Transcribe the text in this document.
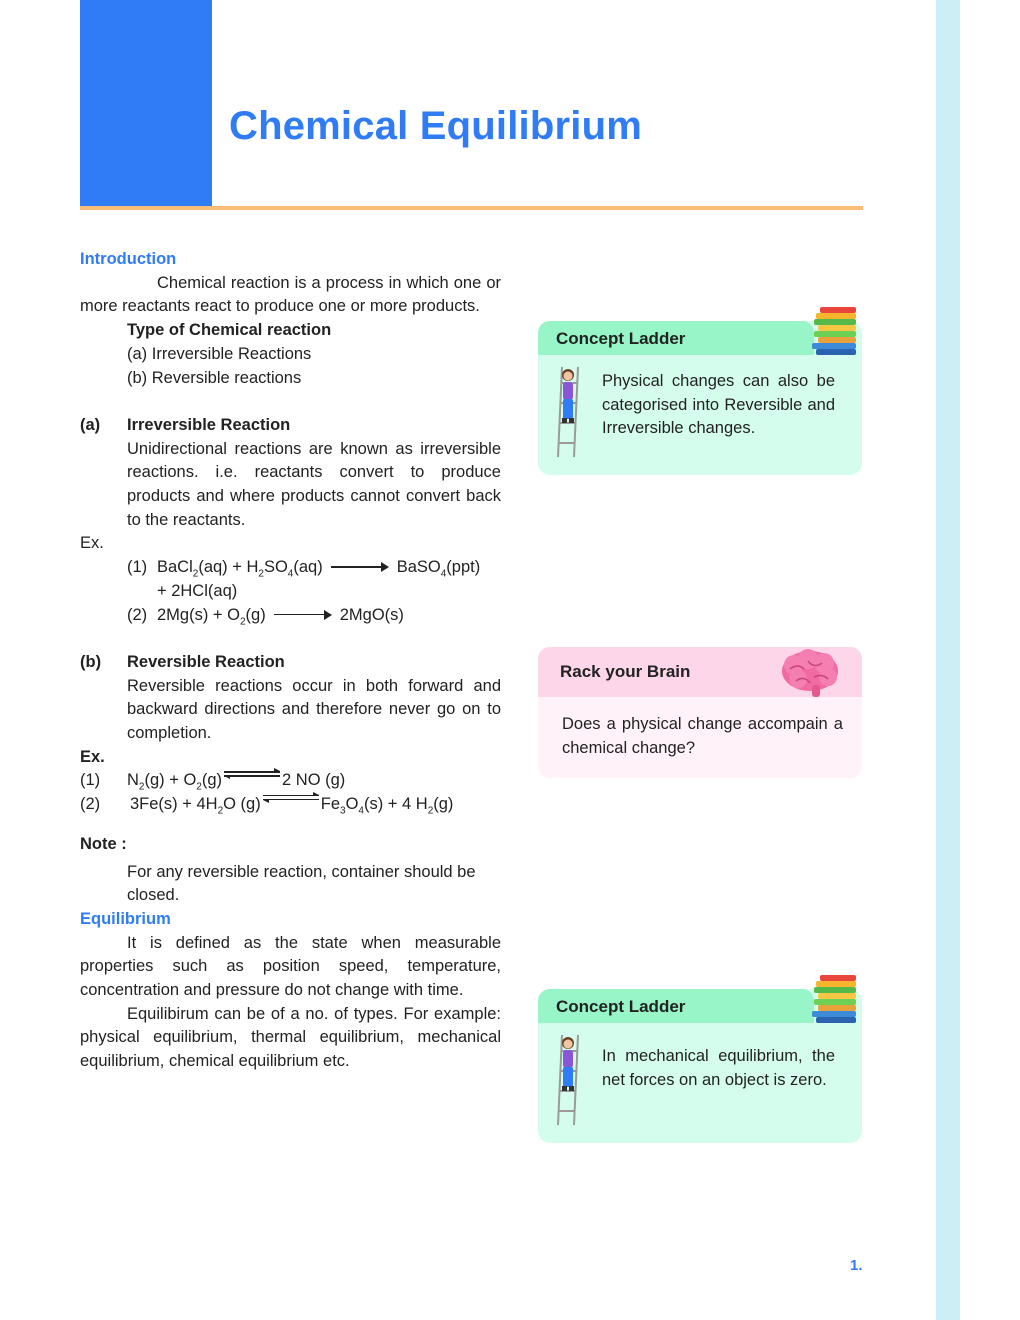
Chemical Equilibrium

Introduction

Chemical reaction is a process in which one or more reactants react to produce one or more products.

Type of Chemical reaction

(a) Irreversible Reactions

(b) Reversible reactions

(a)	Irreversible Reaction

Unidirectional reactions are known as irreversible reactions. i.e. reactants convert to produce products and where products cannot convert back to the reactants.

Ex.

(1) BaCl$_2$(aq) + $H_2SO_4(aq)$	BaSO$_4$(ppt)

+ 2HCl(aq)

(2) $2Mg(s) + O_2(g)$	2MgO(s)
(b)	Reversible Reaction

Reversible reactions occur in both forward and backward directions and therefore never go on to completion.

Ex.

(1)	$N_2(g) + O_2(g)$	2 NO (g)
(2)	$3Fe(s) + 4H_2O$ (g)	$Fe_3O_4(s) + 4$ $H_2(g)$

Note :

For any reversible reaction, container should be closed.

Equilibrium

It is defined as the state when measurable properties such as position speed, temperature, concentration and pressure do not change with time.

Equilibirum can be of a no. of types. For example: physical equilibrium, thermal equilibrium, mechanical equilibrium, chemical equilibrium etc.

Concept Ladder
Physical changes can also be categorised into Reversible and Irreversible changes.
Rack your Brain
Does a physical change accompain a chemical change?
Concept Ladder
In mechanical equilibrium, the net forces on an object is zero.
1.
